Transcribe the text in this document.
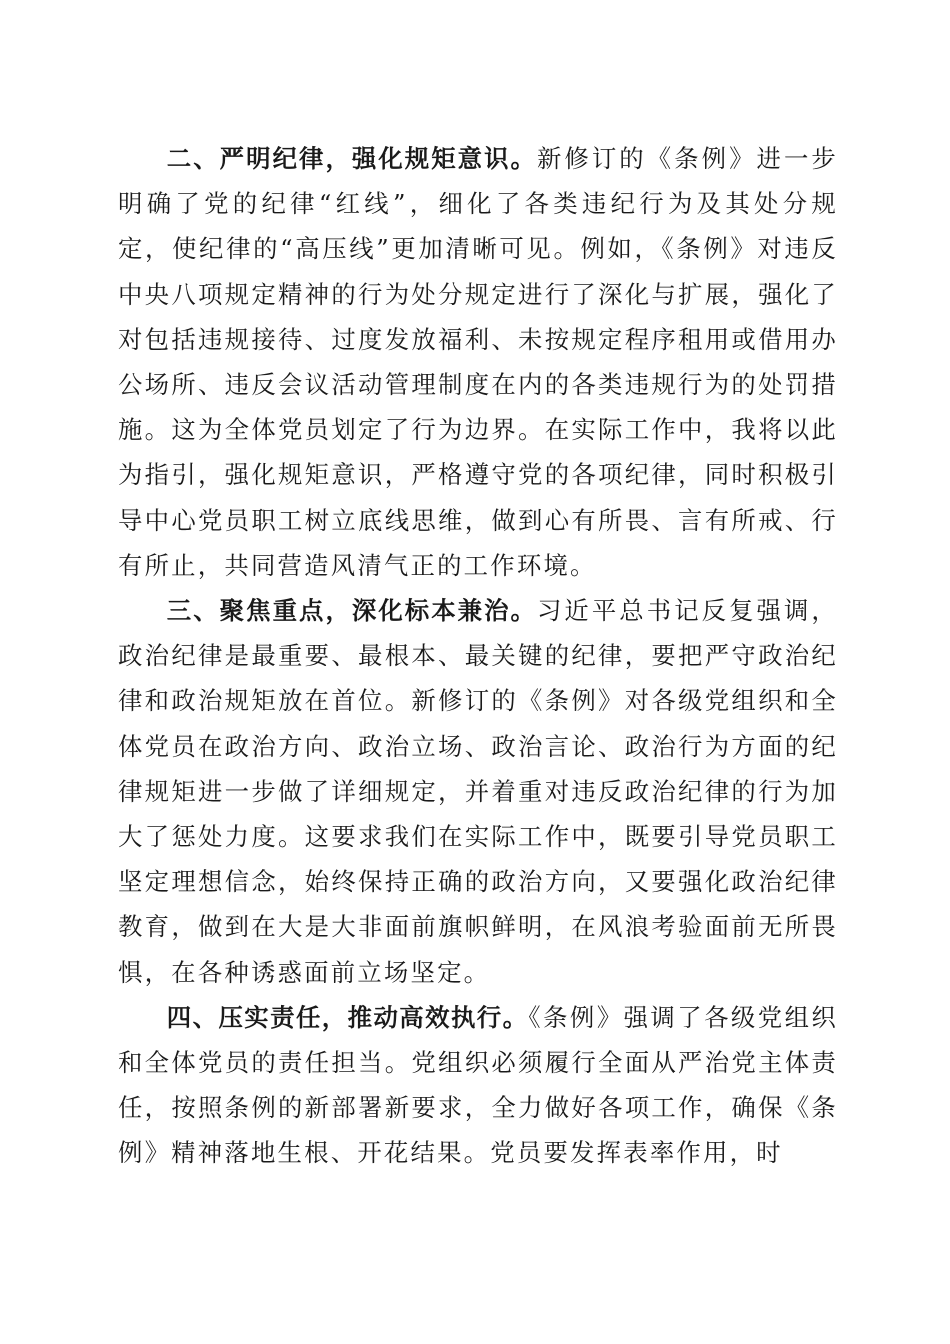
二、严明纪律，强化规矩意识。新修订的《条例》进一步明确了党的纪律“红线”，细化了各类违纪行为及其处分规定，使纪律的“高压线”更加清晰可见。例如，《条例》对违反中央八项规定精神的行为处分规定进行了深化与扩展，强化了对包括违规接待、过度发放福利、未按规定程序租用或借用办公场所、违反会议活动管理制度在内的各类违规行为的处罚措施。这为全体党员划定了行为边界。在实际工作中，我将以此为指引，强化规矩意识，严格遵守党的各项纪律，同时积极引导中心党员职工树立底线思维，做到心有所畏、言有所戒、行有所止，共同营造风清气正的工作环境。

三、聚焦重点，深化标本兼治。习近平总书记反复强调，政治纪律是最重要、最根本、最关键的纪律，要把严守政治纪律和政治规矩放在首位。新修订的《条例》对各级党组织和全体党员在政治方向、政治立场、政治言论、政治行为方面的纪律规矩进一步做了详细规定，并着重对违反政治纪律的行为加大了惩处力度。这要求我们在实际工作中，既要引导党员职工坚定理想信念，始终保持正确的政治方向，又要强化政治纪律教育，做到在大是大非面前旗帜鲜明，在风浪考验面前无所畏惧，在各种诱惑面前立场坚定。

四、压实责任，推动高效执行。《条例》强调了各级党组织和全体党员的责任担当。党组织必须履行全面从严治党主体责任，按照条例的新部署新要求，全力做好各项工作，确保《条例》精神落地生根、开花结果。党员要发挥表率作用，时
